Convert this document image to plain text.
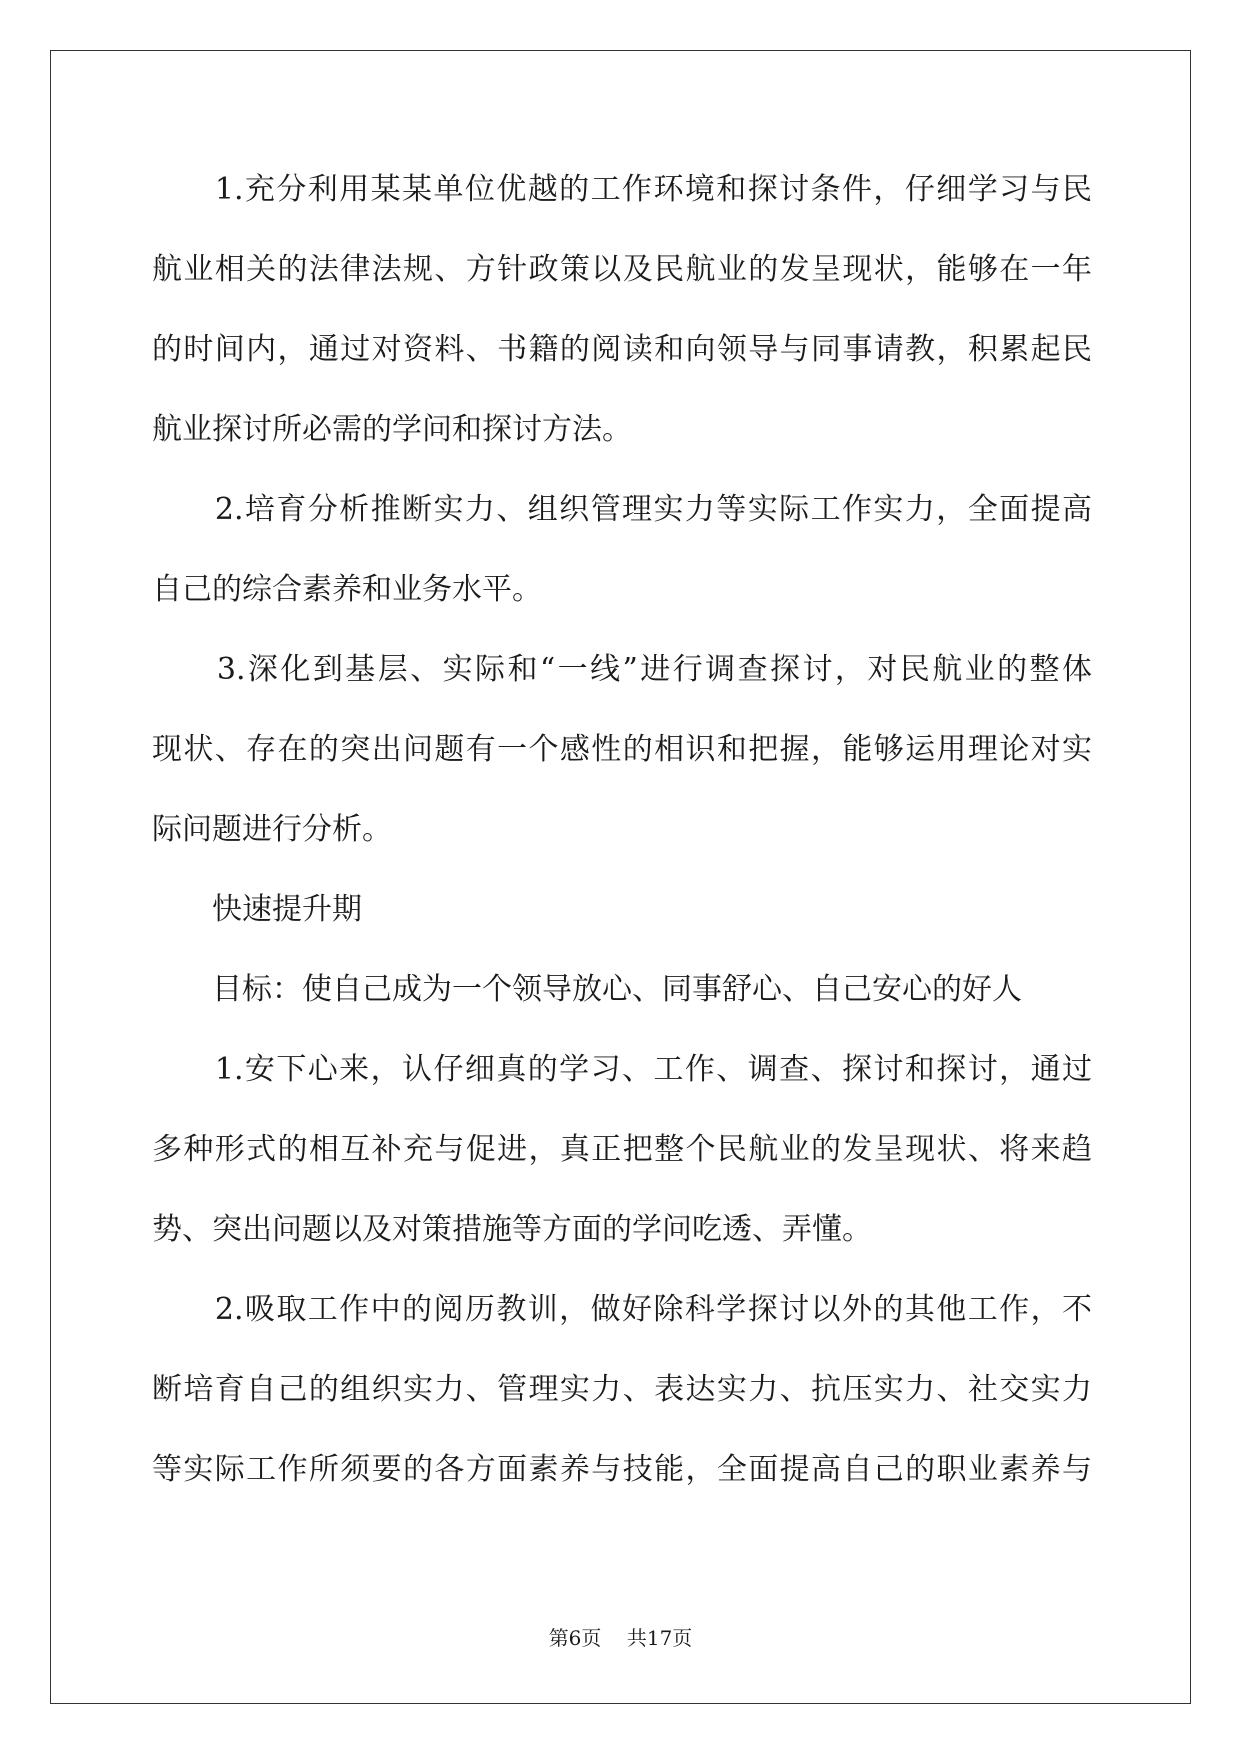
　　1.充分利用某某单位优越的工作环境和探讨条件，仔细学习与民
航业相关的法律法规、方针政策以及民航业的发呈现状，能够在一年
的时间内，通过对资料、书籍的阅读和向领导与同事请教，积累起民
航业探讨所必需的学问和探讨方法。
　　2.培育分析推断实力、组织管理实力等实际工作实力，全面提高
自己的综合素养和业务水平。
　　3.深化到基层、实际和“一线”进行调查探讨，对民航业的整体
现状、存在的突出问题有一个感性的相识和把握，能够运用理论对实
际问题进行分析。
　　快速提升期
　　目标：使自己成为一个领导放心、同事舒心、自己安心的好人
　　1.安下心来，认仔细真的学习、工作、调查、探讨和探讨，通过
多种形式的相互补充与促进，真正把整个民航业的发呈现状、将来趋
势、突出问题以及对策措施等方面的学问吃透、弄懂。
　　2.吸取工作中的阅历教训，做好除科学探讨以外的其他工作，不
断培育自己的组织实力、管理实力、表达实力、抗压实力、社交实力
等实际工作所须要的各方面素养与技能，全面提高自己的职业素养与
第6页 共17页
